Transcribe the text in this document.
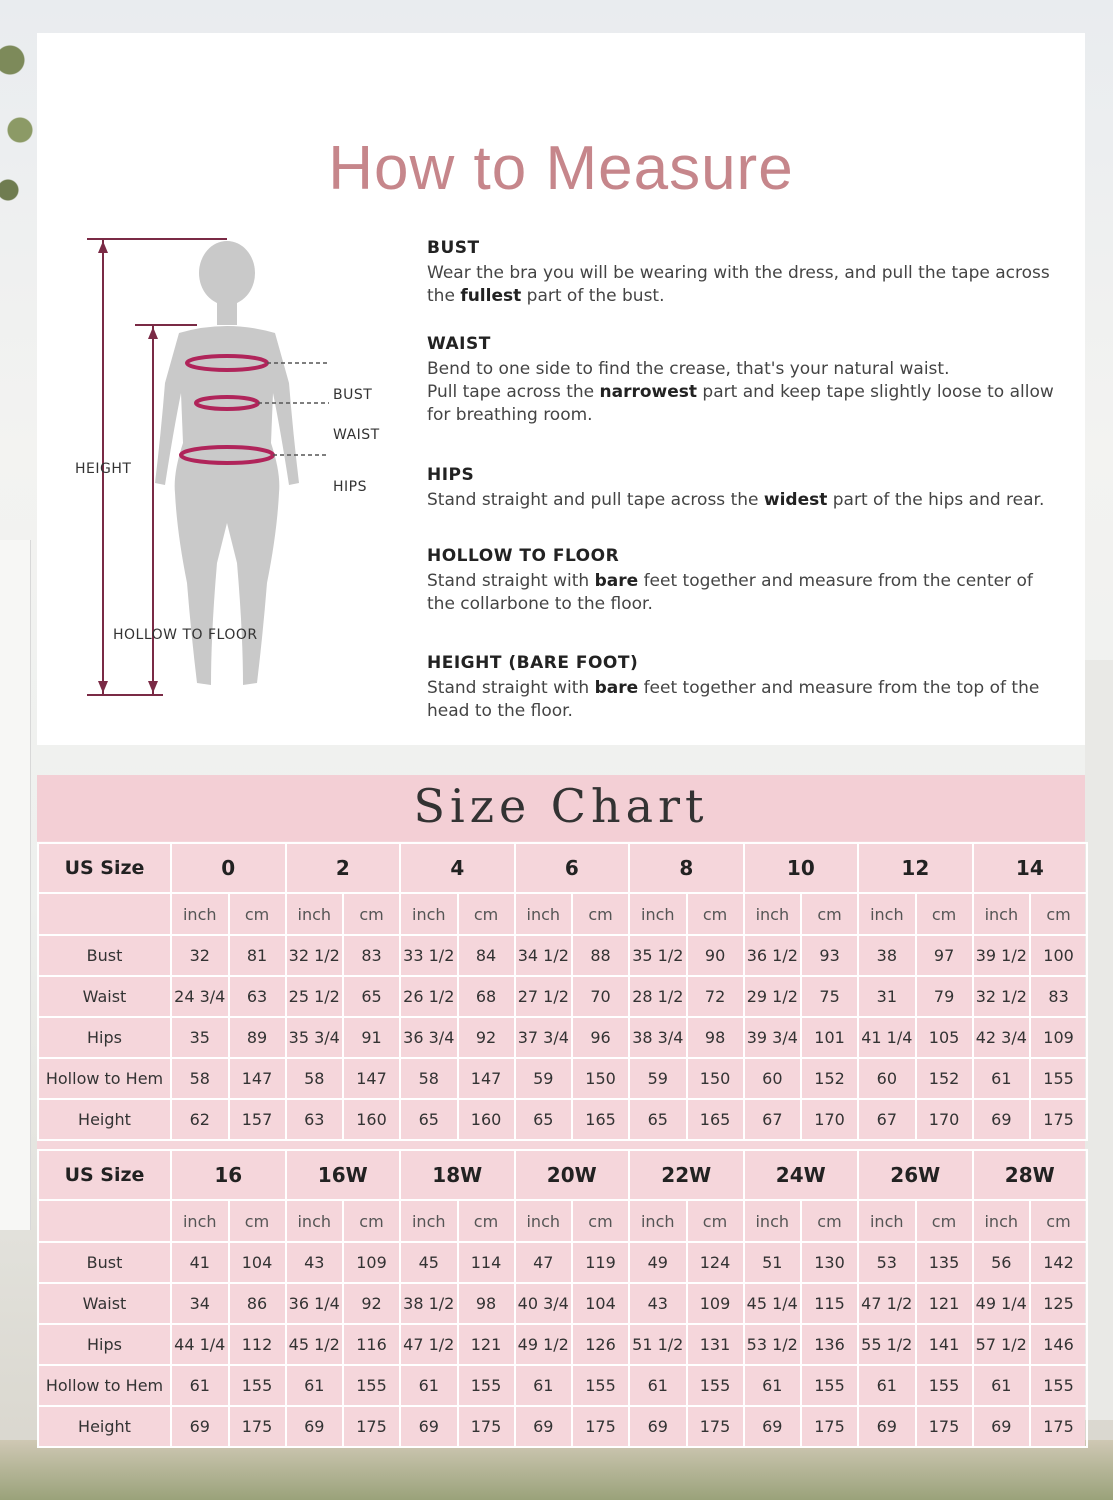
How to Measure
HEIGHT
BUST
WAIST
HIPS
HOLLOW TO FLOOR
BUST
Wear the bra you will be wearing with the dress, and pull the tape across
the fullest part of the bust.
WAIST
Bend to one side to find the crease, that's your natural waist.
Pull tape across the narrowest part and keep tape slightly loose to allow
for breathing room.
HIPS
Stand straight and pull tape across the widest part of the hips and rear.
HOLLOW TO FLOOR
Stand straight with bare feet together and measure from the center of
the collarbone to the floor.
HEIGHT (BARE FOOT)
Stand straight with bare feet together and measure from the top of the
head to the floor.
Size Chart
US Size	0		2		4		6		8		10		12		14	
	inch	cm	inch	cm	inch	cm	inch	cm	inch	cm	inch	cm	inch	cm	inch	cm
Bust	32	81	32 1/2	83	33 1/2	84	34 1/2	88	35 1/2	90	36 1/2	93	38	97	39 1/2	100
Waist	24 3/4	63	25 1/2	65	26 1/2	68	27 1/2	70	28 1/2	72	29 1/2	75	31	79	32 1/2	83
Hips	35	89	35 3/4	91	36 3/4	92	37 3/4	96	38 3/4	98	39 3/4	101	41 1/4	105	42 3/4	109
Hollow to Hem	58	147	58	147	58	147	59	150	59	150	60	152	60	152	61	155
Height	62	157	63	160	65	160	65	165	65	165	67	170	67	170	69	175
US Size	16		16W		18W		20W		22W		24W		26W		28W	
	inch	cm	inch	cm	inch	cm	inch	cm	inch	cm	inch	cm	inch	cm	inch	cm
Bust	41	104	43	109	45	114	47	119	49	124	51	130	53	135	56	142
Waist	34	86	36 1/4	92	38 1/2	98	40 3/4	104	43	109	45 1/4	115	47 1/2	121	49 1/4	125
Hips	44 1/4	112	45 1/2	116	47 1/2	121	49 1/2	126	51 1/2	131	53 1/2	136	55 1/2	141	57 1/2	146
Hollow to Hem	61	155	61	155	61	155	61	155	61	155	61	155	61	155	61	155
Height	69	175	69	175	69	175	69	175	69	175	69	175	69	175	69	175
